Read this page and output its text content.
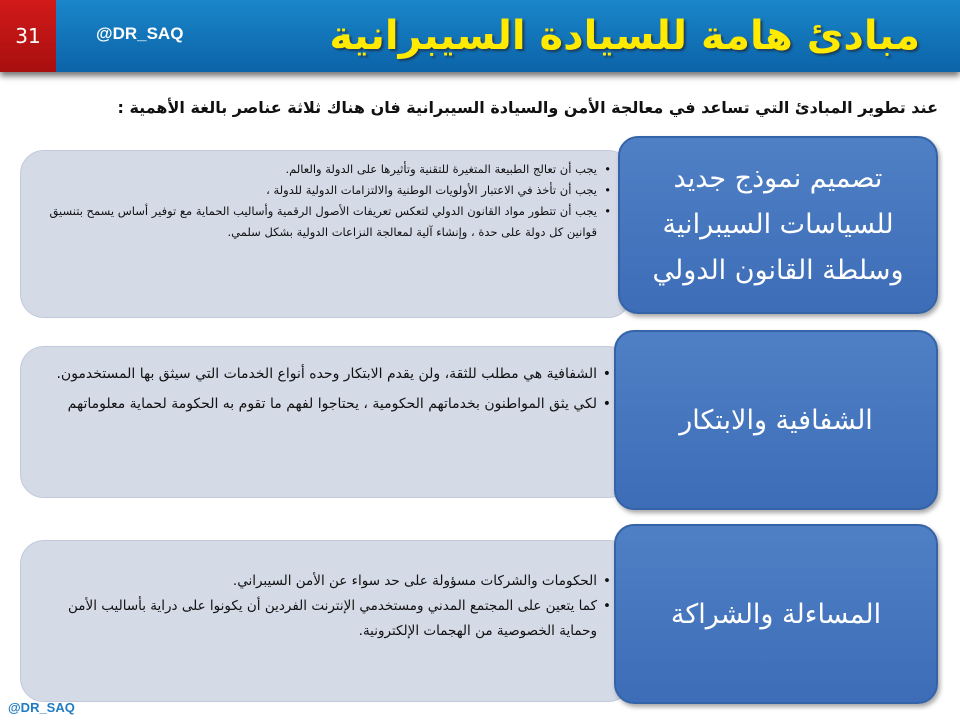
31	@DR_SAQ	مبادئ هامة للسيادة السيبرانية
عند تطوير المبادئ التي تساعد في معالجة الأمن والسيادة السيبرانية فان هناك ثلاثة عناصر بالغة الأهمية :
• يجب أن تعالج الطبيعة المتغيرة للتقنية وتأثيرها على الدولة والعالم.
• يجب أن تأخذ في الاعتبار الأولويات الوطنية والالتزامات الدولية للدولة ،
• يجب أن تتطور مواد القانون الدولي لتعكس تعريفات الأصول الرقمية وأساليب الحماية مع توفير أساس يسمح بتنسيق قوانين كل دولة على حدة ، وإنشاء آلية لمعالجة النزاعات الدولية بشكل سلمي.
تصميم نموذج جديد للسياسات السيبرانية وسلطة القانون الدولي
• الشفافية هي مطلب للثقة، ولن يقدم الابتكار وحده أنواع الخدمات التي سيثق بها المستخدمون.
• لكي يثق المواطنون بخدماتهم الحكومية ، يحتاجوا لفهم ما تقوم به الحكومة لحماية معلوماتهم
الشفافية والابتكار
• الحكومات والشركات مسؤولة على حد سواء عن الأمن السيبراني.
• كما يتعين على المجتمع المدني ومستخدمي الإنترنت الفردين أن يكونوا على دراية بأساليب الأمن وحماية الخصوصية من الهجمات الإلكترونية.
المساءلة والشراكة
@DR_SAQ
